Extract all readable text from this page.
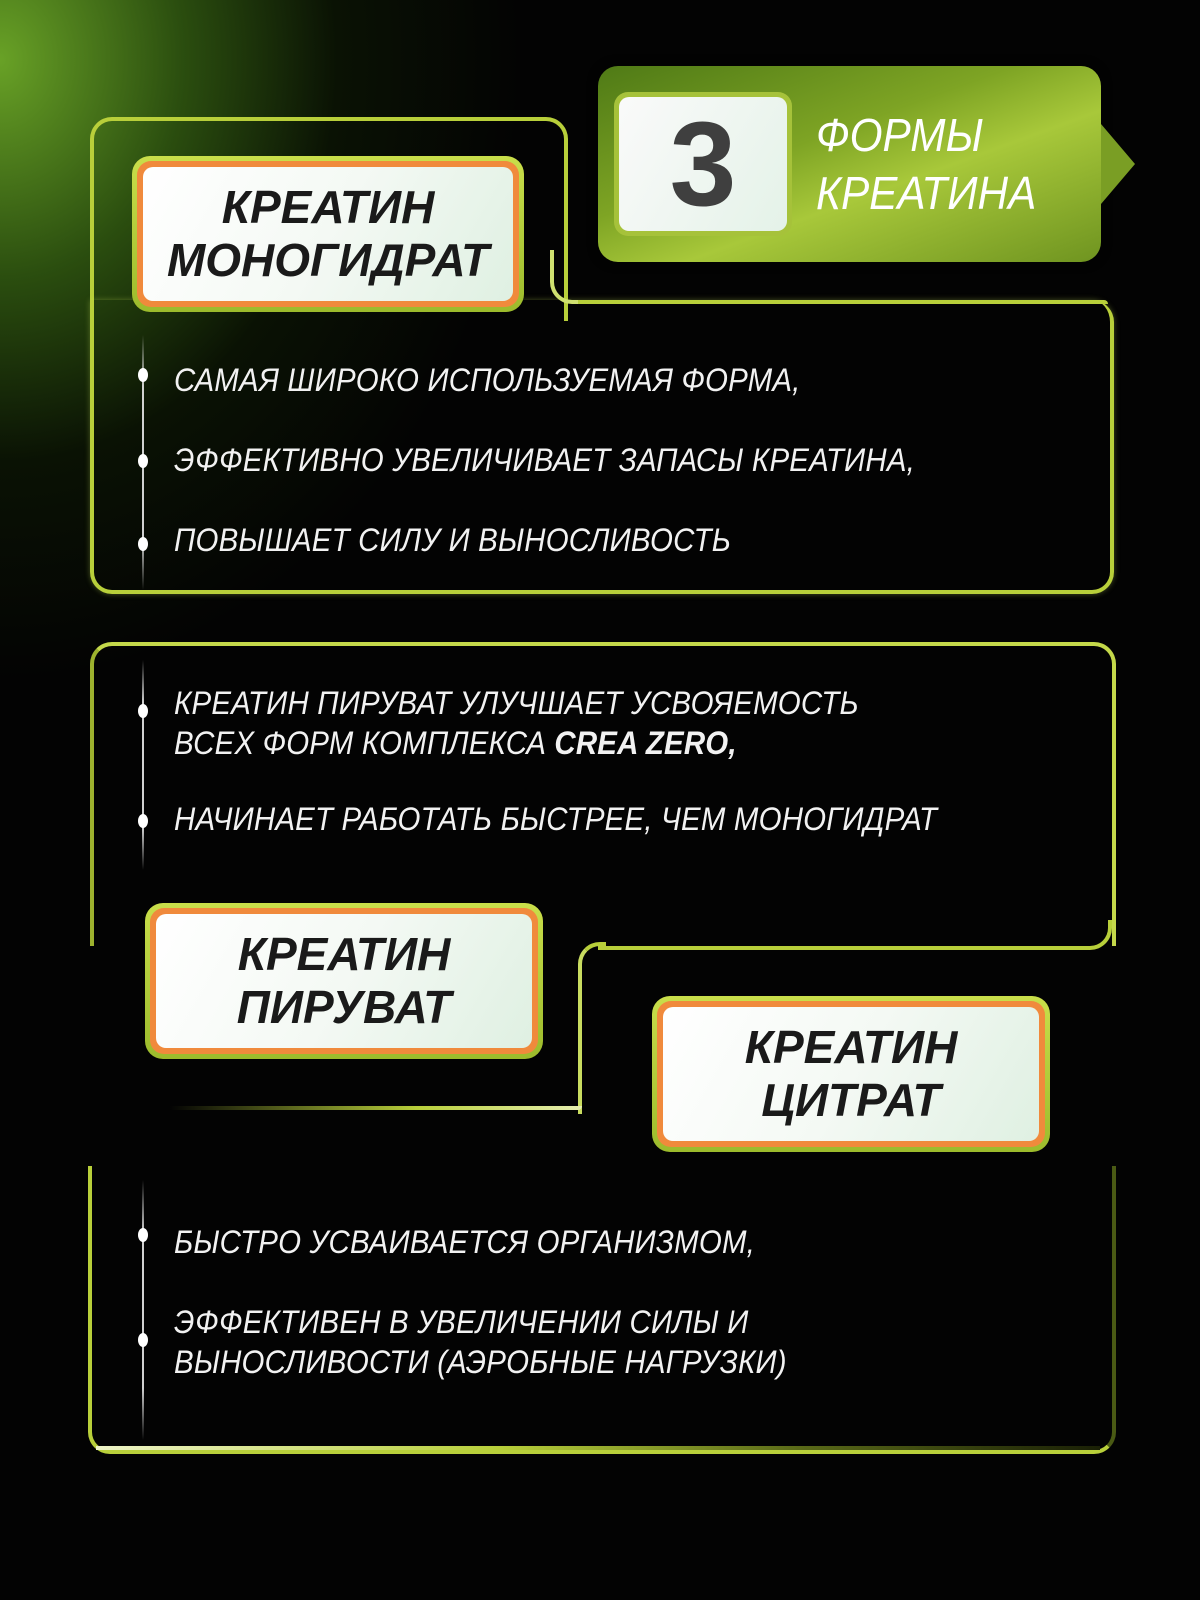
3 ФОРМЫ
КРЕАТИНА
КРЕАТИН
МОНОГИДРАТ
САМАЯ ШИРОКО ИСПОЛЬЗУЕМАЯ ФОРМА,
ЭФФЕКТИВНО УВЕЛИЧИВАЕТ ЗАПАСЫ КРЕАТИНА,
ПОВЫШАЕТ СИЛУ И ВЫНОСЛИВОСТЬ
КРЕАТИН ПИРУВАТ УЛУЧШАЕТ УСВОЯЕМОСТЬ
ВСЕХ ФОРМ КОМПЛЕКСА CREA ZERO,
НАЧИНАЕТ РАБОТАТЬ БЫСТРЕЕ, ЧЕМ МОНОГИДРАТ
КРЕАТИН
ПИРУВАТ
КРЕАТИН
ЦИТРАТ
БЫСТРО УСВАИВАЕТСЯ ОРГАНИЗМОМ,
ЭФФЕКТИВЕН В УВЕЛИЧЕНИИ СИЛЫ И
ВЫНОСЛИВОСТИ (АЭРОБНЫЕ НАГРУЗКИ)
